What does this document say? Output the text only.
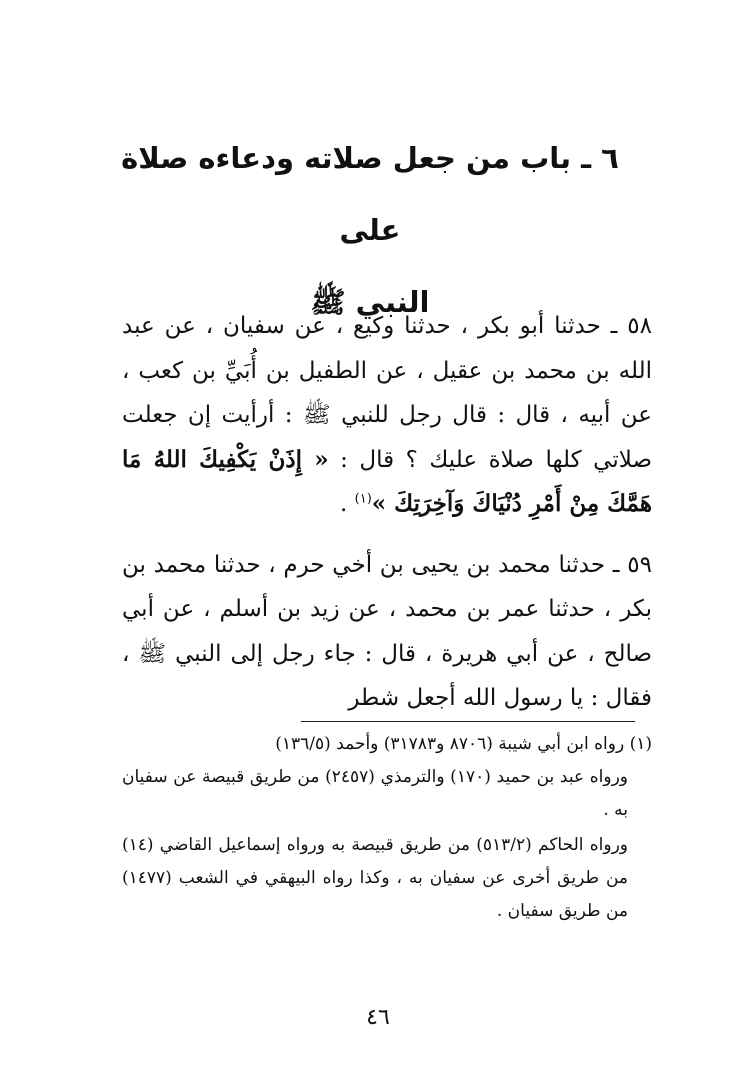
٦ ـ باب من جعل صلاته ودعاءه صلاة على
النبي ﷺ

٥٨ ـ حدثنا أبو بكر ، حدثنا وكيع ، عن سفيان ، عن عبد الله بن محمد بن عقيل ، عن الطفيل بن أُبَيِّ بن كعب ، عن أبيه ، قال : قال رجل للنبي ﷺ : أرأيت إن جعلت صلاتي كلها صلاة عليك ؟ قال : « إِذَنْ يَكْفِيكَ اللهُ مَا هَمَّكَ مِنْ أَمْرِ دُنْيَاكَ وَآخِرَتِكَ »$^{(١)}$ .

٥٩ ـ حدثنا محمد بن يحيى بن أخي حرم ، حدثنا محمد بن بكر ، حدثنا عمر بن محمد ، عن زيد بن أسلم ، عن أبي صالح ، عن أبي هريرة ، قال : جاء رجل إلى النبي ﷺ ، فقال : يا رسول الله أجعل شطر

(١) رواه ابن أبي شيبة (٨٧٠٦ و٣١٧٨٣) وأحمد (١٣٦/٥)

ورواه عبد بن حميد (١٧٠) والترمذي (٢٤٥٧) من طريق قبيصة عن سفيان به .

ورواه الحاكم (٥١٣/٢) من طريق قبيصة به ورواه إسماعيل القاضي (١٤) من طريق أخرى عن سفيان به ، وكذا رواه البيهقي في الشعب (١٤٧٧) من طريق سفيان .

٤٦
